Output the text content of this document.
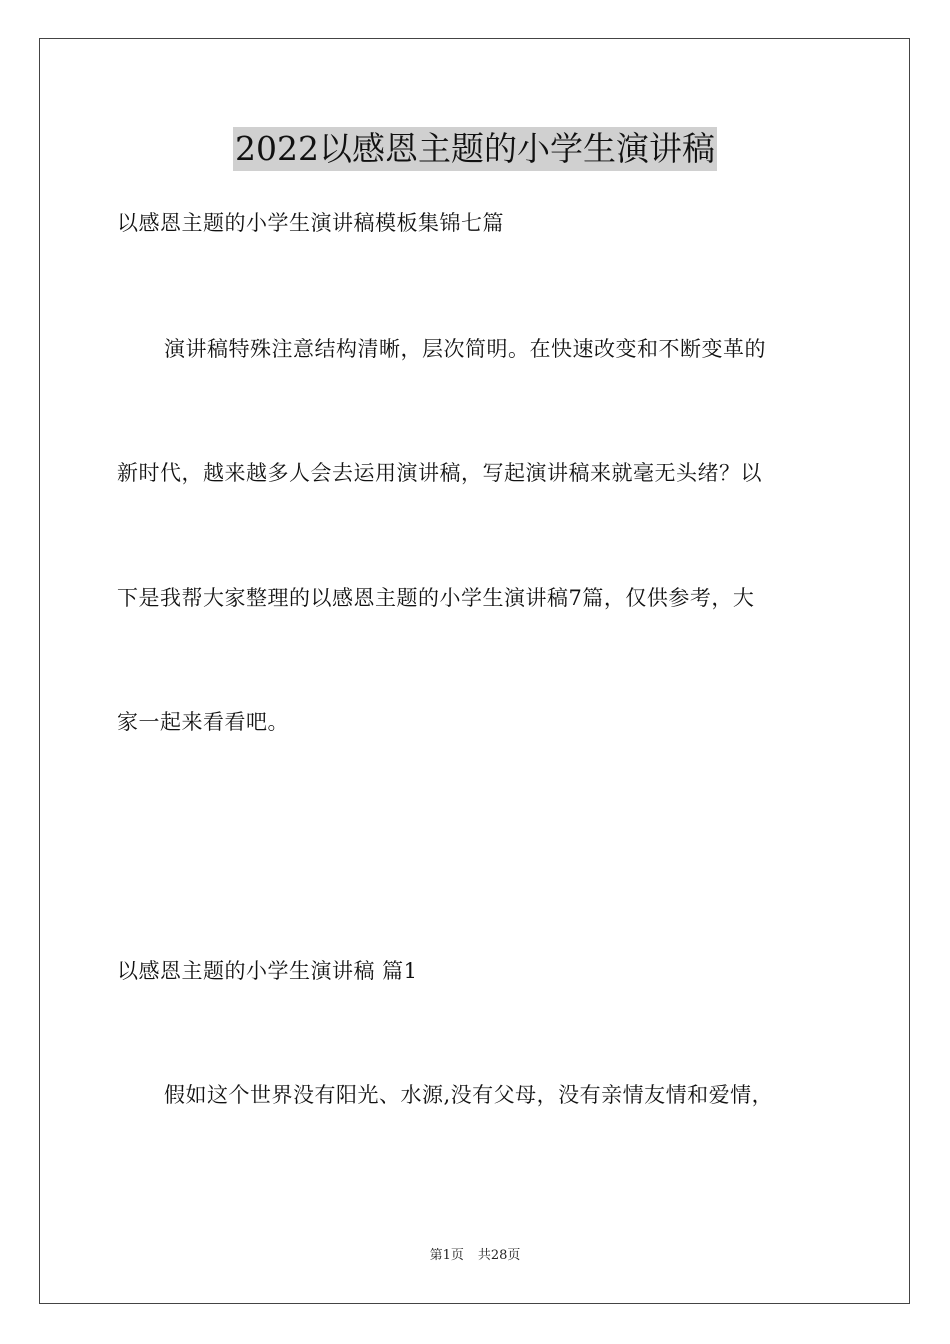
2022以感恩主题的小学生演讲稿
以感恩主题的小学生演讲稿模板集锦七篇
演讲稿特殊注意结构清晰，层次简明。在快速改变和不断变革的
新时代，越来越多人会去运用演讲稿，写起演讲稿来就毫无头绪？以
下是我帮大家整理的以感恩主题的小学生演讲稿7篇，仅供参考，大
家一起来看看吧。
以感恩主题的小学生演讲稿 篇1
假如这个世界没有阳光、水源,没有父母，没有亲情友情和爱情，
第1页 共28页
